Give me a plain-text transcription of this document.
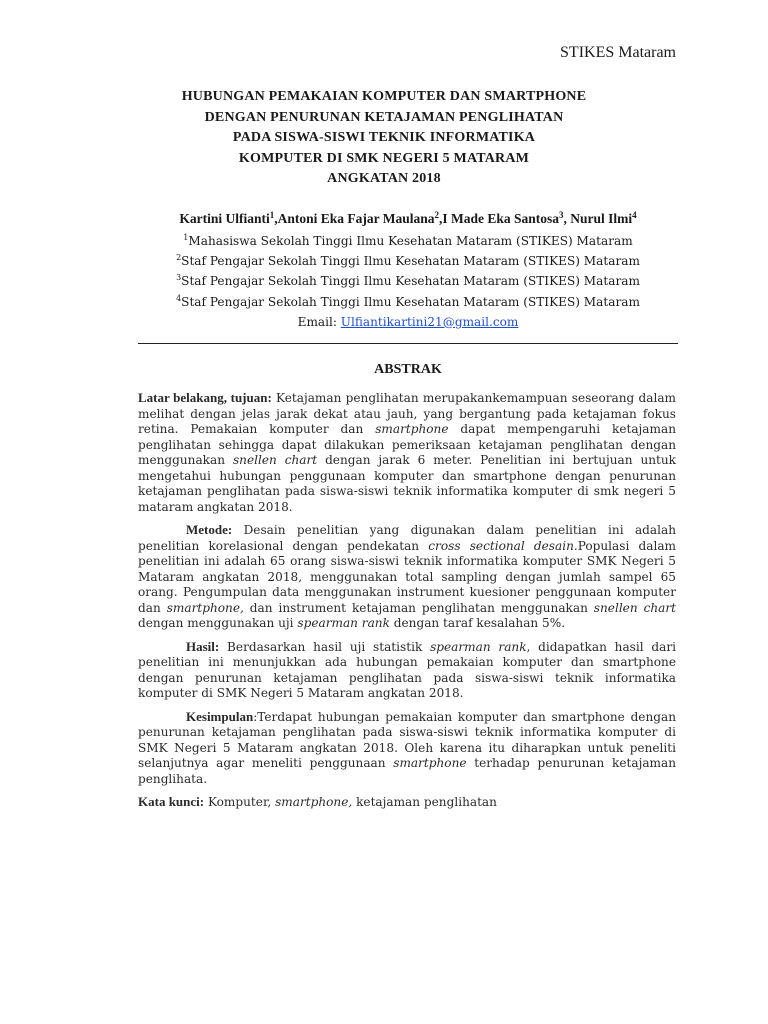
STIKES Mataram
HUBUNGAN PEMAKAIAN KOMPUTER DAN SMARTPHONE
DENGAN PENURUNAN KETAJAMAN PENGLIHATAN
PADA SISWA-SISWI TEKNIK INFORMATIKA
KOMPUTER DI SMK NEGERI 5 MATARAM
ANGKATAN 2018
Kartini Ulfianti$^1$,Antoni Eka Fajar Maulana$^2$,I Made Eka Santosa$^3$, Nurul Ilmi$^4$
$^1$Mahasiswa Sekolah Tinggi Ilmu Kesehatan Mataram (STIKES) Mataram
$^2$Staf Pengajar Sekolah Tinggi Ilmu Kesehatan Mataram (STIKES) Mataram
$^3$Staf Pengajar Sekolah Tinggi Ilmu Kesehatan Mataram (STIKES) Mataram
$^4$Staf Pengajar Sekolah Tinggi Ilmu Kesehatan Mataram (STIKES) Mataram
Email: Ulfiantikartini21@gmail.com
ABSTRAK

Latar belakang, tujuan: Ketajaman penglihatan merupakankemampuan seseorang dalam melihat dengan jelas jarak dekat atau jauh, yang bergantung pada ketajaman fokus retina. Pemakaian komputer dan smartphone dapat mempengaruhi ketajaman penglihatan sehingga dapat dilakukan pemeriksaan ketajaman penglihatan dengan menggunakan snellen chart dengan jarak 6 meter. Penelitian ini bertujuan untuk mengetahui hubungan penggunaan komputer dan smartphone dengan penurunan ketajaman penglihatan pada siswa-siswi teknik informatika komputer di smk negeri 5 mataram angkatan 2018.

Metode: Desain penelitian yang digunakan dalam penelitian ini adalah penelitian korelasional dengan pendekatan cross sectional desain.Populasi dalam penelitian ini adalah 65 orang siswa-siswi teknik informatika komputer SMK Negeri 5 Mataram angkatan 2018, menggunakan total sampling dengan jumlah sampel 65 orang. Pengumpulan data menggunakan instrument kuesioner penggunaan komputer dan smartphone, dan instrument ketajaman penglihatan menggunakan snellen chart dengan menggunakan uji spearman rank dengan taraf kesalahan 5%.

Hasil: Berdasarkan hasil uji statistik spearman rank, didapatkan hasil dari penelitian ini menunjukkan ada hubungan pemakaian komputer dan smartphone dengan penurunan ketajaman penglihatan pada siswa-siswi teknik informatika komputer di SMK Negeri 5 Mataram angkatan 2018.

Kesimpulan:Terdapat hubungan pemakaian komputer dan smartphone dengan penurunan ketajaman penglihatan pada siswa-siswi teknik informatika komputer di SMK Negeri 5 Mataram angkatan 2018. Oleh karena itu diharapkan untuk peneliti selanjutnya agar meneliti penggunaan smartphone terhadap penurunan ketajaman penglihata.

Kata kunci: Komputer, smartphone, ketajaman penglihatan
